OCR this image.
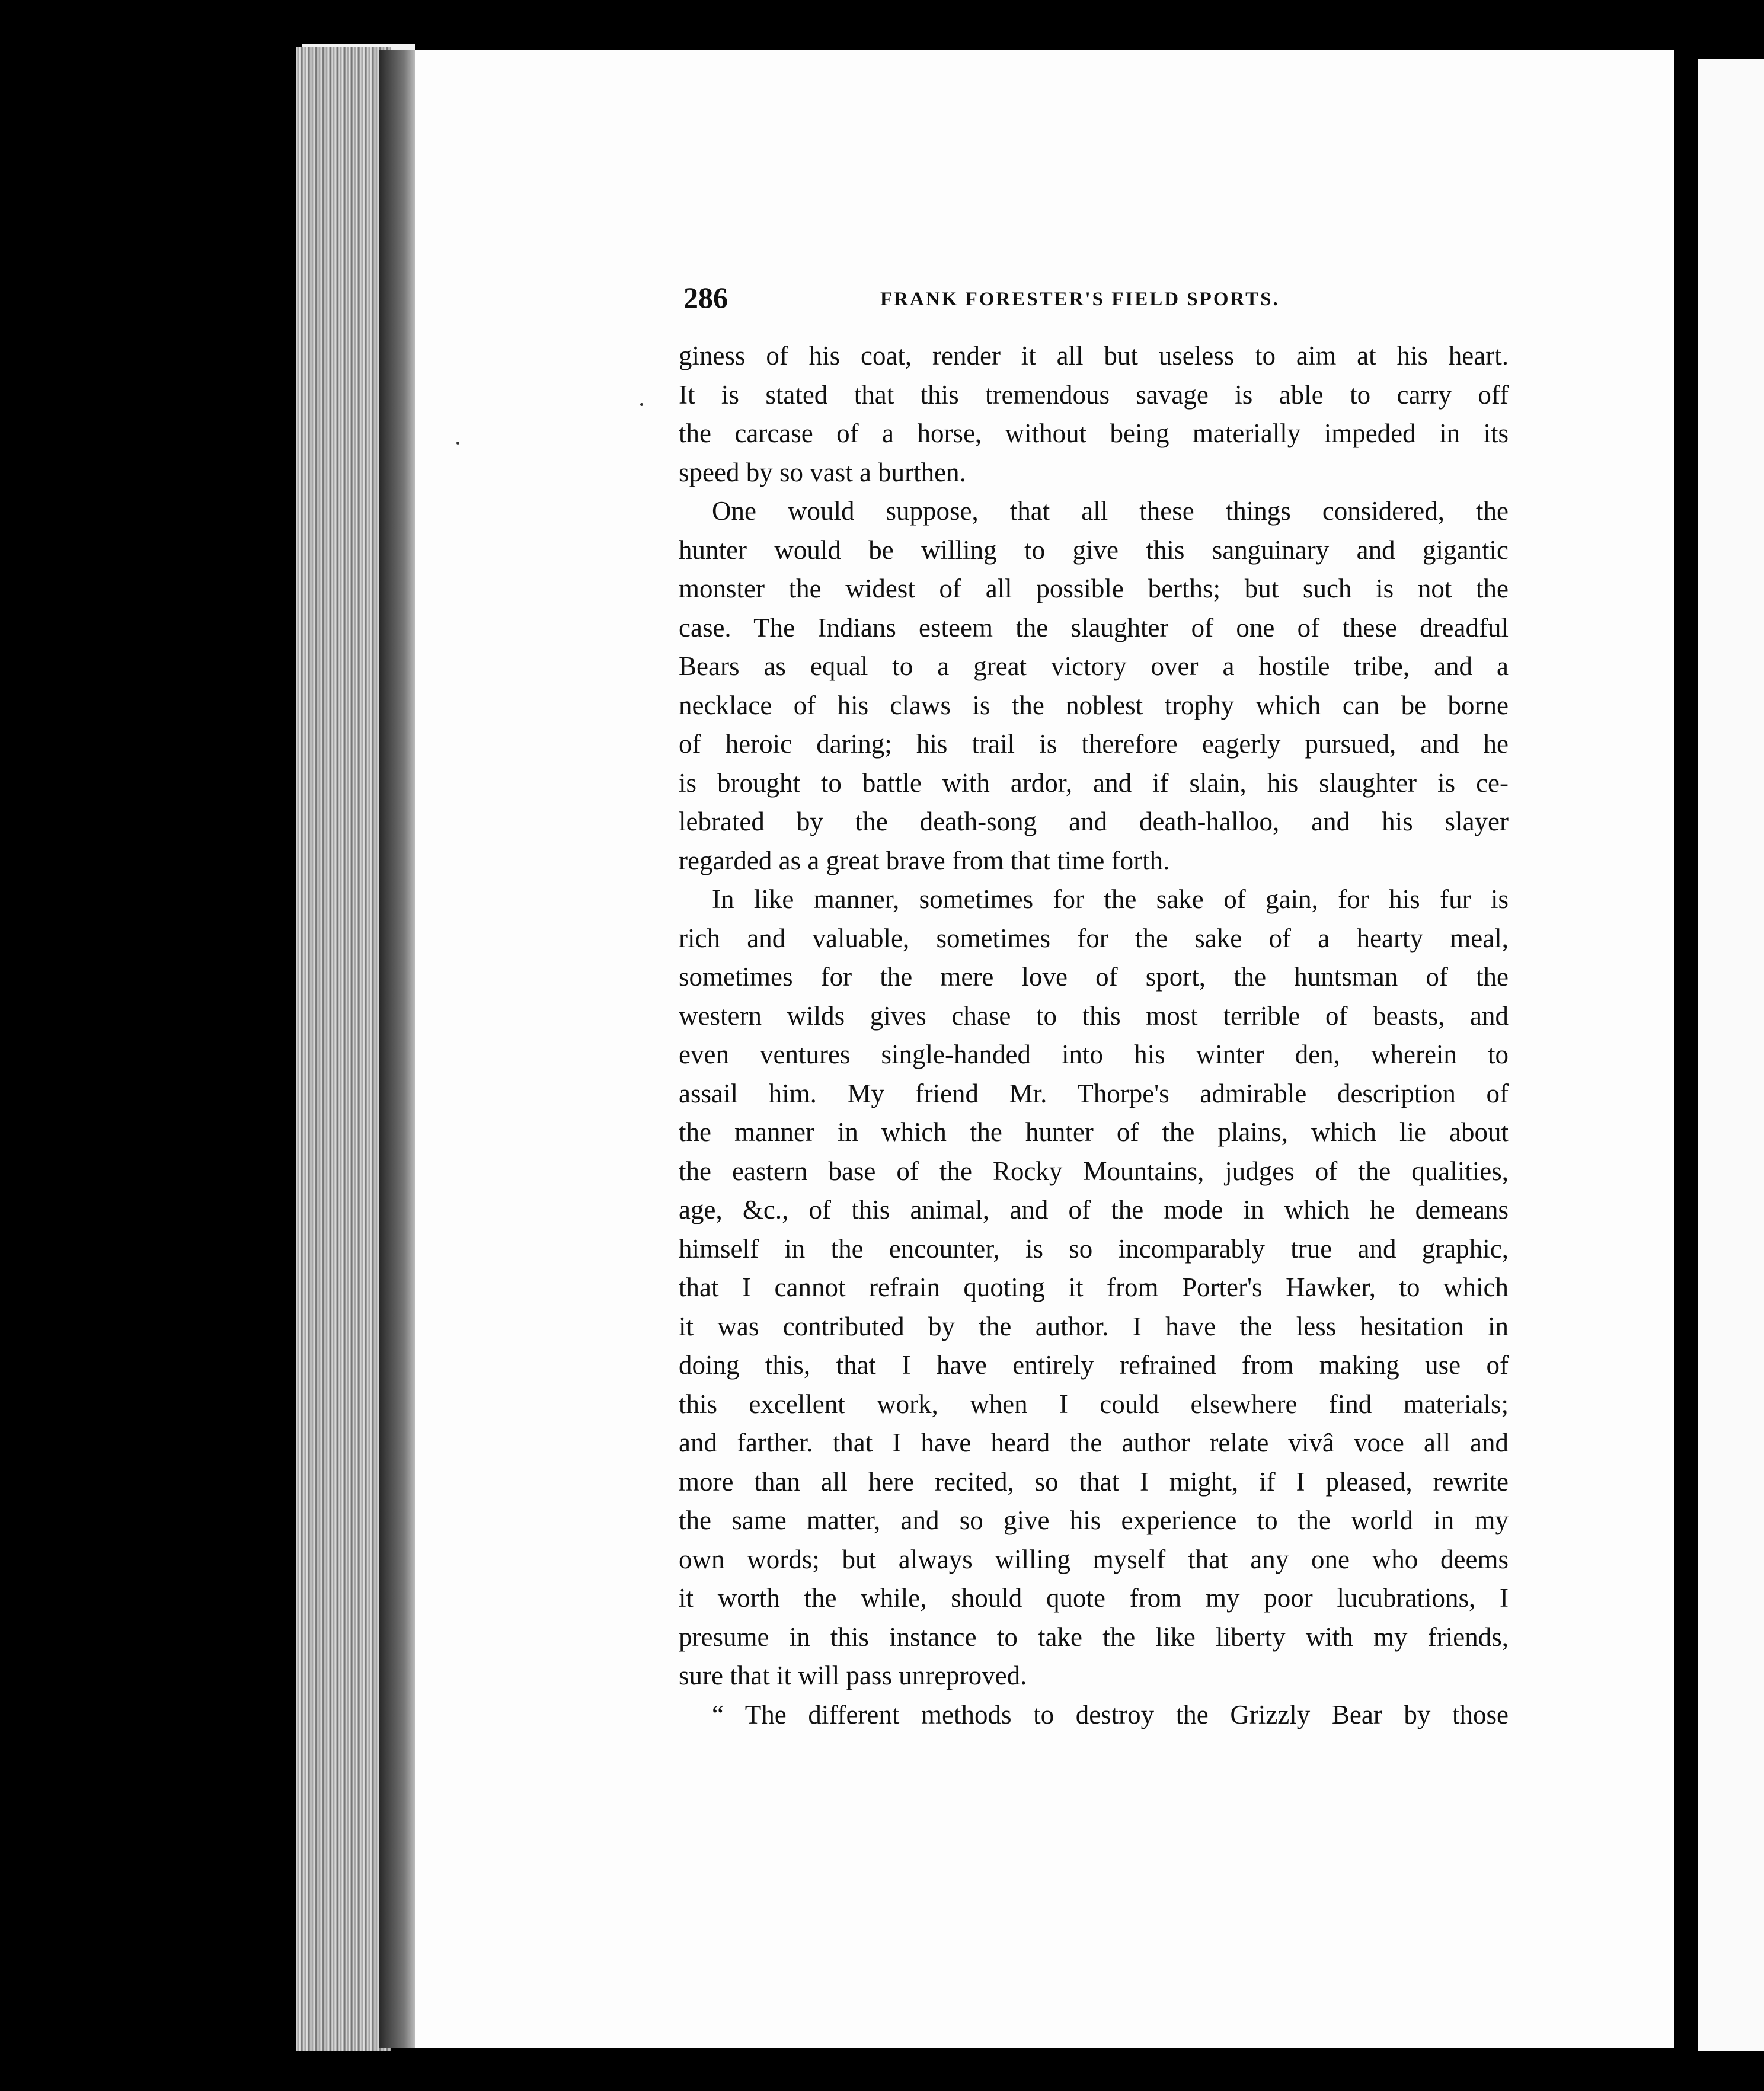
286	FRANK FORESTER'S FIELD SPORTS.

giness of his coat, render it all but useless to aim at his heart.
It is stated that this tremendous savage is able to carry off
the carcase of a horse, without being materially impeded in its
speed by so vast a burthen.

One would suppose, that all these things considered, the
hunter would be willing to give this sanguinary and gigantic
monster the widest of all possible berths; but such is not the
case. The Indians esteem the slaughter of one of these dreadful
Bears as equal to a great victory over a hostile tribe, and a
necklace of his claws is the noblest trophy which can be borne
of heroic daring; his trail is therefore eagerly pursued, and he
is brought to battle with ardor, and if slain, his slaughter is ce-
lebrated by the death-song and death-halloo, and his slayer
regarded as a great brave from that time forth.

In like manner, sometimes for the sake of gain, for his fur is
rich and valuable, sometimes for the sake of a hearty meal,
sometimes for the mere love of sport, the huntsman of the
western wilds gives chase to this most terrible of beasts, and
even ventures single-handed into his winter den, wherein to
assail him. My friend Mr. Thorpe's admirable description of
the manner in which the hunter of the plains, which lie about
the eastern base of the Rocky Mountains, judges of the qualities,
age, &c., of this animal, and of the mode in which he demeans
himself in the encounter, is so incomparably true and graphic,
that I cannot refrain quoting it from Porter's Hawker, to which
it was contributed by the author. I have the less hesitation in
doing this, that I have entirely refrained from making use of
this excellent work, when I could elsewhere find materials;
and farther. that I have heard the author relate vivâ voce all and
more than all here recited, so that I might, if I pleased, rewrite
the same matter, and so give his experience to the world in my
own words; but always willing myself that any one who deems
it worth the while, should quote from my poor lucubrations, I
presume in this instance to take the like liberty with my friends,
sure that it will pass unreproved.

“ The different methods to destroy the Grizzly Bear by those
